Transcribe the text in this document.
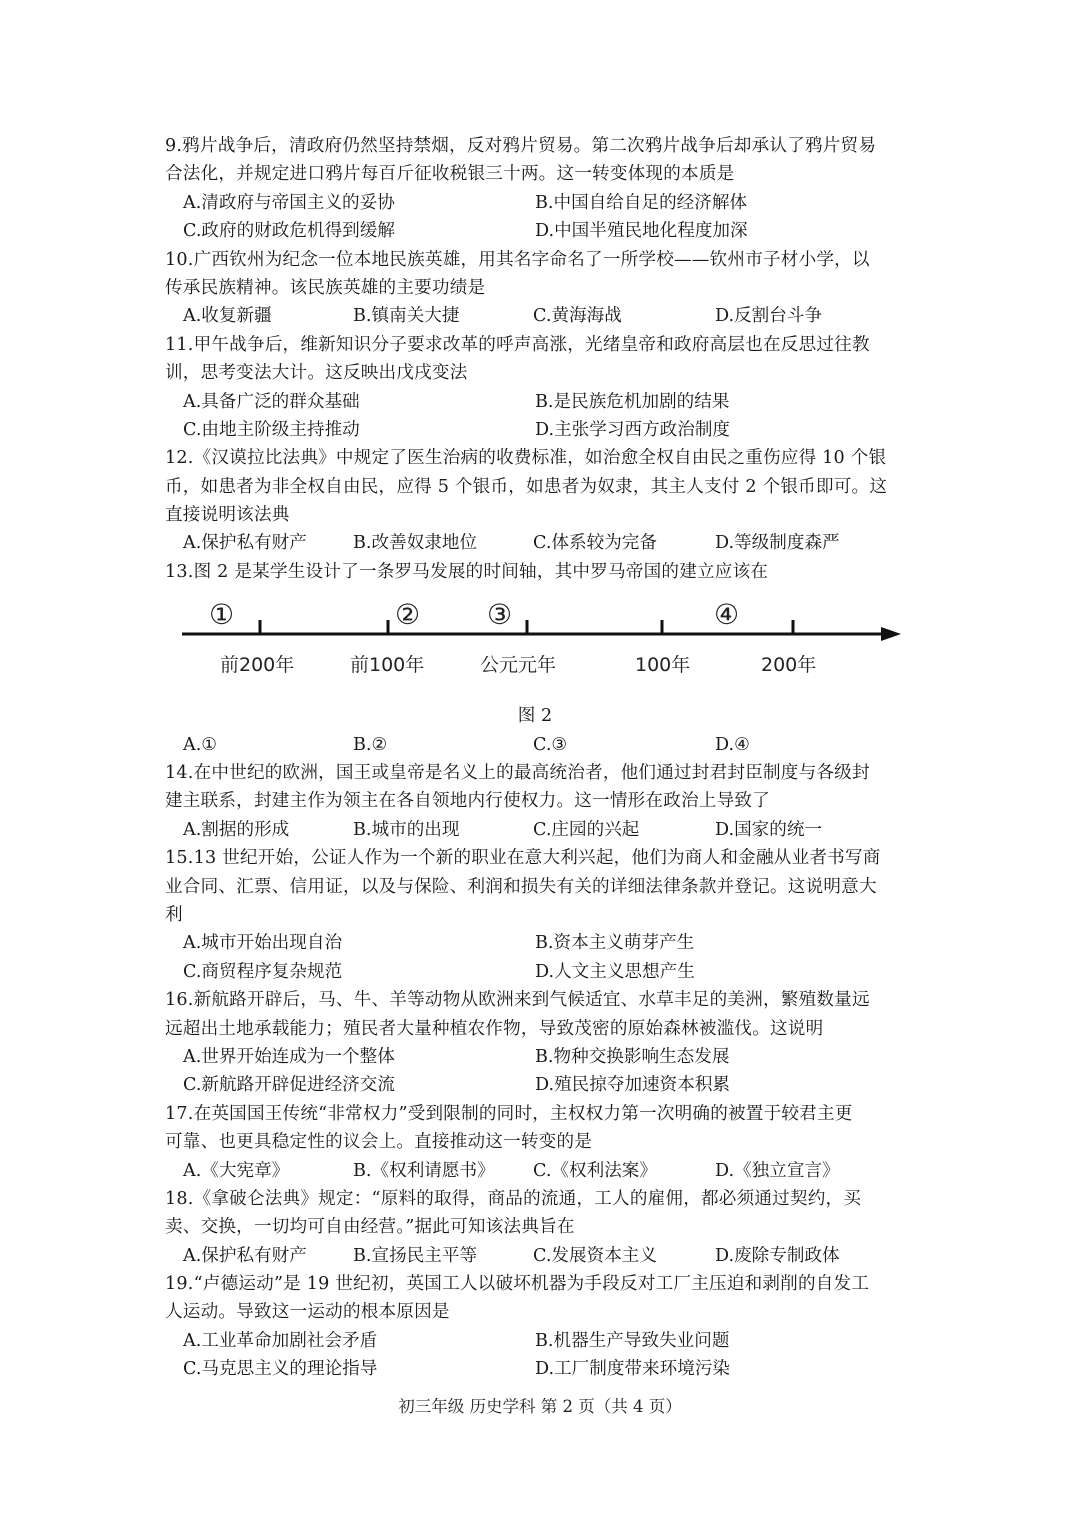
9.鸦片战争后，清政府仍然坚持禁烟，反对鸦片贸易。第二次鸦片战争后却承认了鸦片贸易
合法化，并规定进口鸦片每百斤征收税银三十两。这一转变体现的本质是
A.清政府与帝国主义的妥协	B.中国自给自足的经济解体
C.政府的财政危机得到缓解	D.中国半殖民地化程度加深
10.广西钦州为纪念一位本地民族英雄，用其名字命名了一所学校——钦州市子材小学，以
传承民族精神。该民族英雄的主要功绩是
A.收复新疆	B.镇南关大捷	C.黄海海战	D.反割台斗争
11.甲午战争后，维新知识分子要求改革的呼声高涨，光绪皇帝和政府高层也在反思过往教
训，思考变法大计。这反映出戊戌变法
A.具备广泛的群众基础	B.是民族危机加剧的结果
C.由地主阶级主持推动	D.主张学习西方政治制度
12.《汉谟拉比法典》中规定了医生治病的收费标准，如治愈全权自由民之重伤应得 10 个银
币，如患者为非全权自由民，应得 5 个银币，如患者为奴隶，其主人支付 2 个银币即可。这
直接说明该法典
A.保护私有财产	B.改善奴隶地位	C.体系较为完备	D.等级制度森严
13.图 2 是某学生设计了一条罗马发展的时间轴，其中罗马帝国的建立应该在
前200年	前100年	公元元年	100年	200年
①	② ③	④
图 2
A.①	B.②	C.③	D.④
14.在中世纪的欧洲，国王或皇帝是名义上的最高统治者，他们通过封君封臣制度与各级封
建主联系，封建主作为领主在各自领地内行使权力。这一情形在政治上导致了
A.割据的形成	B.城市的出现	C.庄园的兴起	D.国家的统一
15.13 世纪开始，公证人作为一个新的职业在意大利兴起，他们为商人和金融从业者书写商
业合同、汇票、信用证，以及与保险、利润和损失有关的详细法律条款并登记。这说明意大
利
A.城市开始出现自治	B.资本主义萌芽产生
C.商贸程序复杂规范	D.人文主义思想产生
16.新航路开辟后，马、牛、羊等动物从欧洲来到气候适宜、水草丰足的美洲，繁殖数量远
远超出土地承载能力；殖民者大量种植农作物，导致茂密的原始森林被滥伐。这说明
A.世界开始连成为一个整体	B.物种交换影响生态发展
C.新航路开辟促进经济交流	D.殖民掠夺加速资本积累
17.在英国国王传统“非常权力”受到限制的同时，主权权力第一次明确的被置于较君主更
可靠、也更具稳定性的议会上。直接推动这一转变的是
A.《大宪章》	B.《权利请愿书》 C.《权利法案》	D.《独立宣言》
18.《拿破仑法典》规定：“原料的取得，商品的流通，工人的雇佣，都必须通过契约，买
卖、交换，一切均可自由经营。”据此可知该法典旨在
A.保护私有财产	B.宣扬民主平等	C.发展资本主义	D.废除专制政体
19.“卢德运动”是 19 世纪初，英国工人以破坏机器为手段反对工厂主压迫和剥削的自发工
人运动。导致这一运动的根本原因是
A.工业革命加剧社会矛盾	B.机器生产导致失业问题
C.马克思主义的理论指导	D.工厂制度带来环境污染
初三年级 历史学科 第 2 页（共 4 页）
